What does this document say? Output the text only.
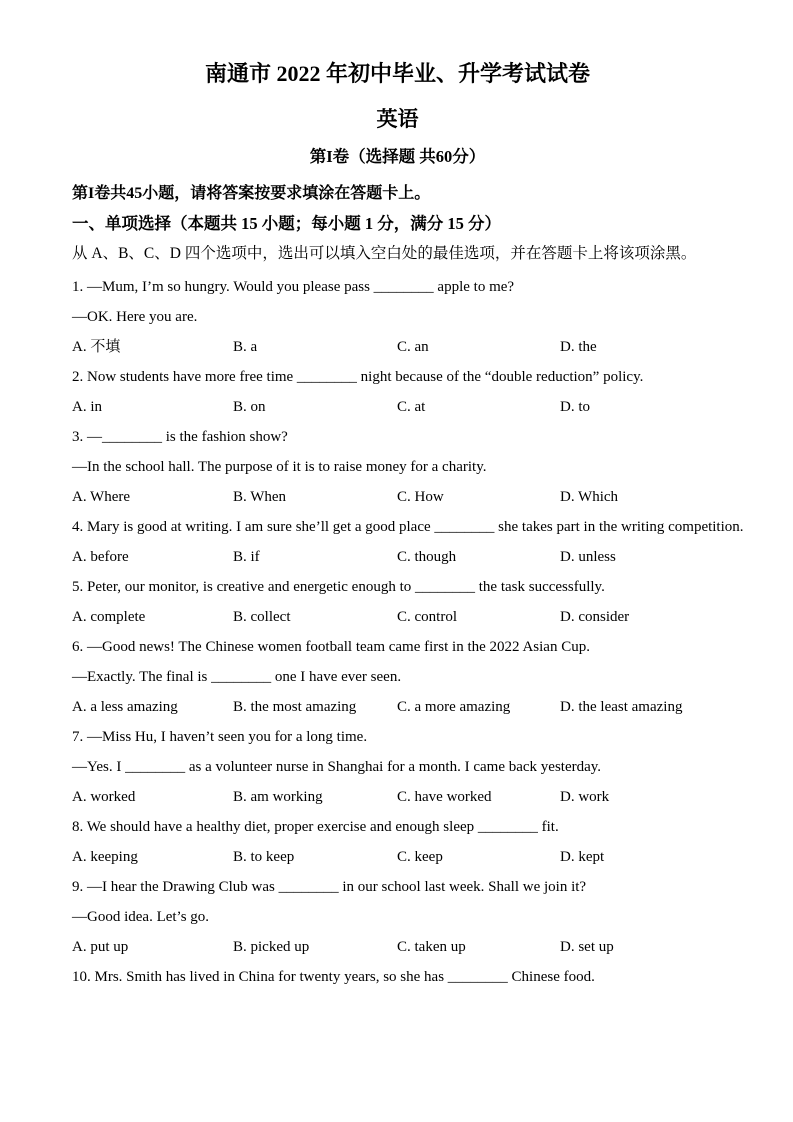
南通市 2022 年初中毕业、升学考试试卷

英语

第I卷（选择题 共60分）

第I卷共45小题，请将答案按要求填涂在答题卡上。

一、单项选择（本题共 15 小题；每小题 1 分，满分 15 分）

从 A、B、C、D 四个选项中，选出可以填入空白处的最佳选项，并在答题卡上将该项涂黑。

1. —Mum, I’m so hungry. Would you please pass ________ apple to me?

—OK. Here you are.

A. 不填	B. a	C. an	D. the

2. Now students have more free time ________ night because of the “double reduction” policy.

A. in	B. on	C. at	D. to

3. —________ is the fashion show?

—In the school hall. The purpose of it is to raise money for a charity.

A. Where	B. When	C. How	D. Which

4. Mary is good at writing. I am sure she’ll get a good place ________ she takes part in the writing competition.

A. before	B. if	C. though	D. unless

5. Peter, our monitor, is creative and energetic enough to ________ the task successfully.

A. complete	B. collect	C. control	D. consider

6. —Good news! The Chinese women football team came first in the 2022 Asian Cup.

—Exactly. The final is ________ one I have ever seen.

A. a less amazing	B. the most amazing	C. a more amazing	D. the least amazing

7. —Miss Hu, I haven’t seen you for a long time.

—Yes. I ________ as a volunteer nurse in Shanghai for a month. I came back yesterday.

A. worked	B. am working	C. have worked	D. work

8. We should have a healthy diet, proper exercise and enough sleep ________ fit.

A. keeping	B. to keep	C. keep	D. kept

9. —I hear the Drawing Club was ________ in our school last week. Shall we join it?

—Good idea. Let’s go.

A. put up	B. picked up	C. taken up	D. set up

10. Mrs. Smith has lived in China for twenty years, so she has ________ Chinese food.
